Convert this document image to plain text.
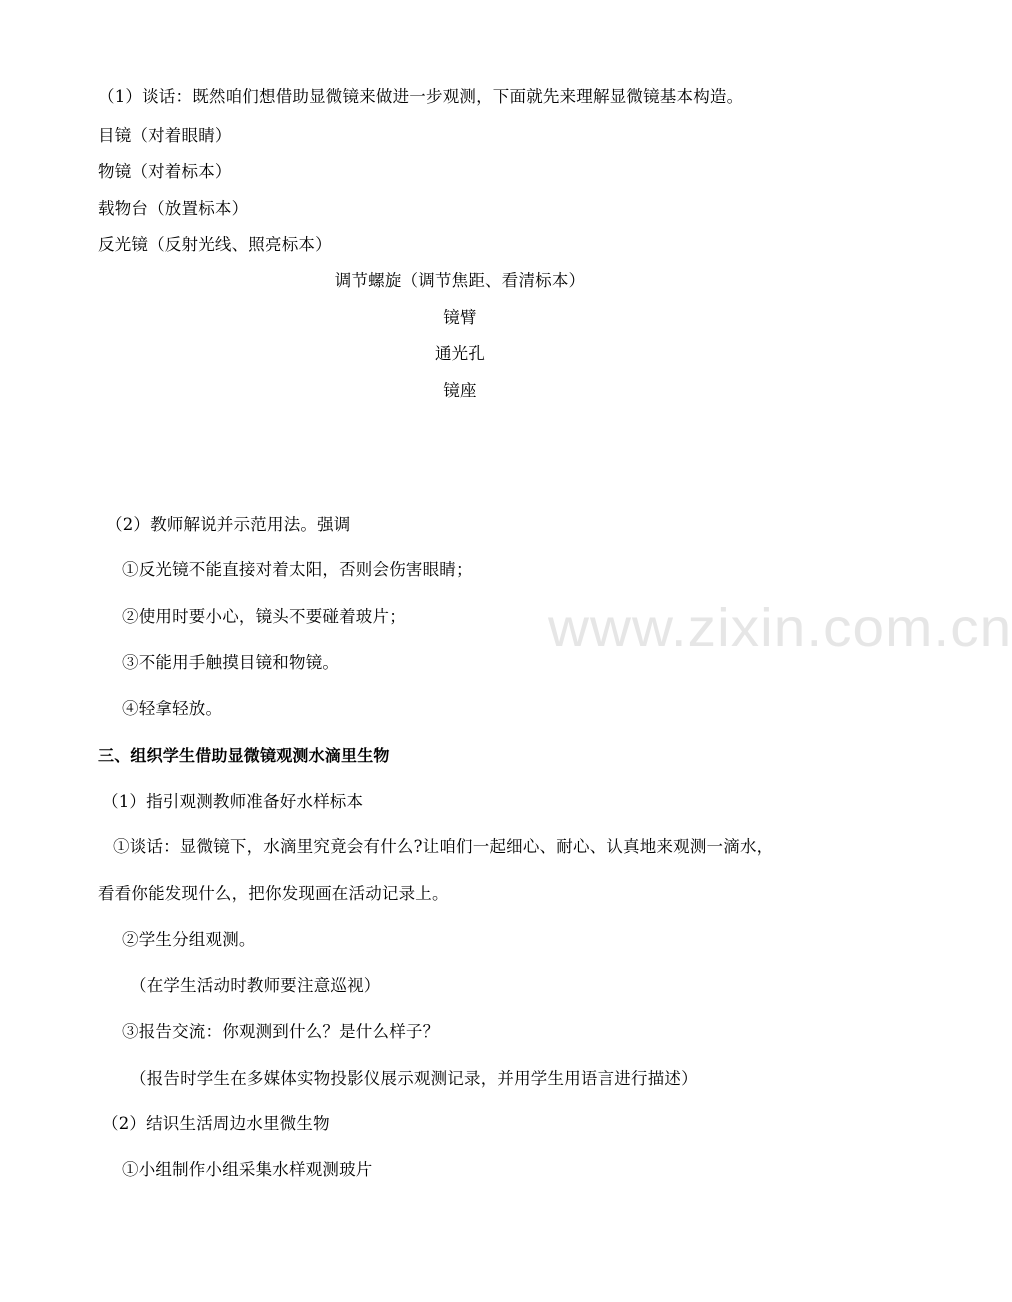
www.zixin.com.cn
（1）谈话：既然咱们想借助显微镜来做进一步观测，下面就先来理解显微镜基本构造。
目镜（对着眼睛）
物镜（对着标本）
载物台（放置标本）
反光镜（反射光线、照亮标本）
调节螺旋（调节焦距、看清标本）
镜臂
通光孔
镜座
（2）教师解说并示范用法。强调
①反光镜不能直接对着太阳，否则会伤害眼睛；
②使用时要小心，镜头不要碰着玻片；
③不能用手触摸目镜和物镜。
④轻拿轻放。
三、组织学生借助显微镜观测水滴里生物
（1）指引观测教师准备好水样标本
①谈话：显微镜下，水滴里究竟会有什么?让咱们一起细心、耐心、认真地来观测一滴水，
看看你能发现什么，把你发现画在活动记录上。
②学生分组观测。
（在学生活动时教师要注意巡视）
③报告交流：你观测到什么？是什么样子？
（报告时学生在多媒体实物投影仪展示观测记录，并用学生用语言进行描述）
（2）结识生活周边水里微生物
①小组制作小组采集水样观测玻片
